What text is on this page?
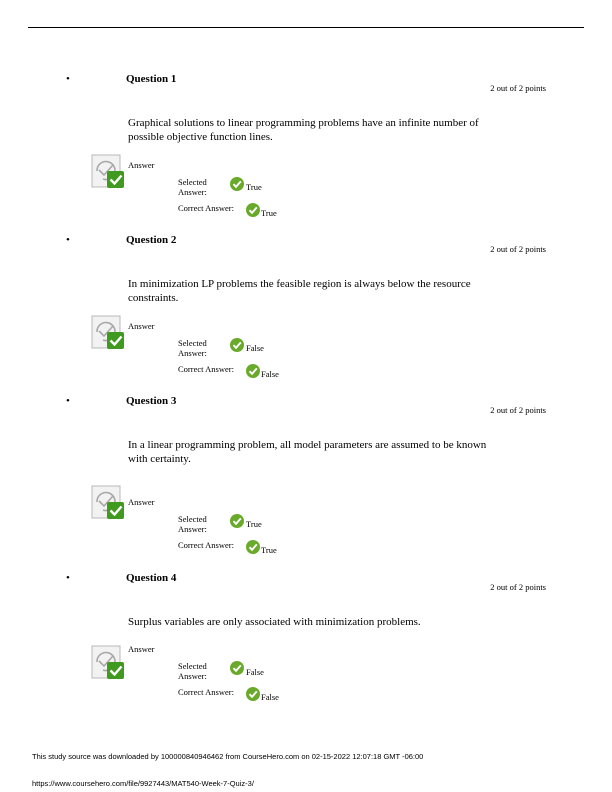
•	Question 1
2 out of 2 points
Graphical solutions to linear programming problems have an infinite number of possible objective function lines.
Answer
Selected Answer:	True
Correct Answer:	True
•	Question 2
2 out of 2 points
In minimization LP problems the feasible region is always below the resource constraints.
Answer
Selected Answer:	False
Correct Answer:	False
•	Question 3
2 out of 2 points
In a linear programming problem, all model parameters are assumed to be known with certainty.
Answer
Selected Answer:	True
Correct Answer:	True
•	Question 4
2 out of 2 points
Surplus variables are only associated with minimization problems.
Answer
Selected Answer:	False
Correct Answer:	False
This study source was downloaded by 100000840946462 from CourseHero.com on 02-15-2022 12:07:18 GMT -06:00
https://www.coursehero.com/file/9927443/MAT540-Week-7-Quiz-3/
